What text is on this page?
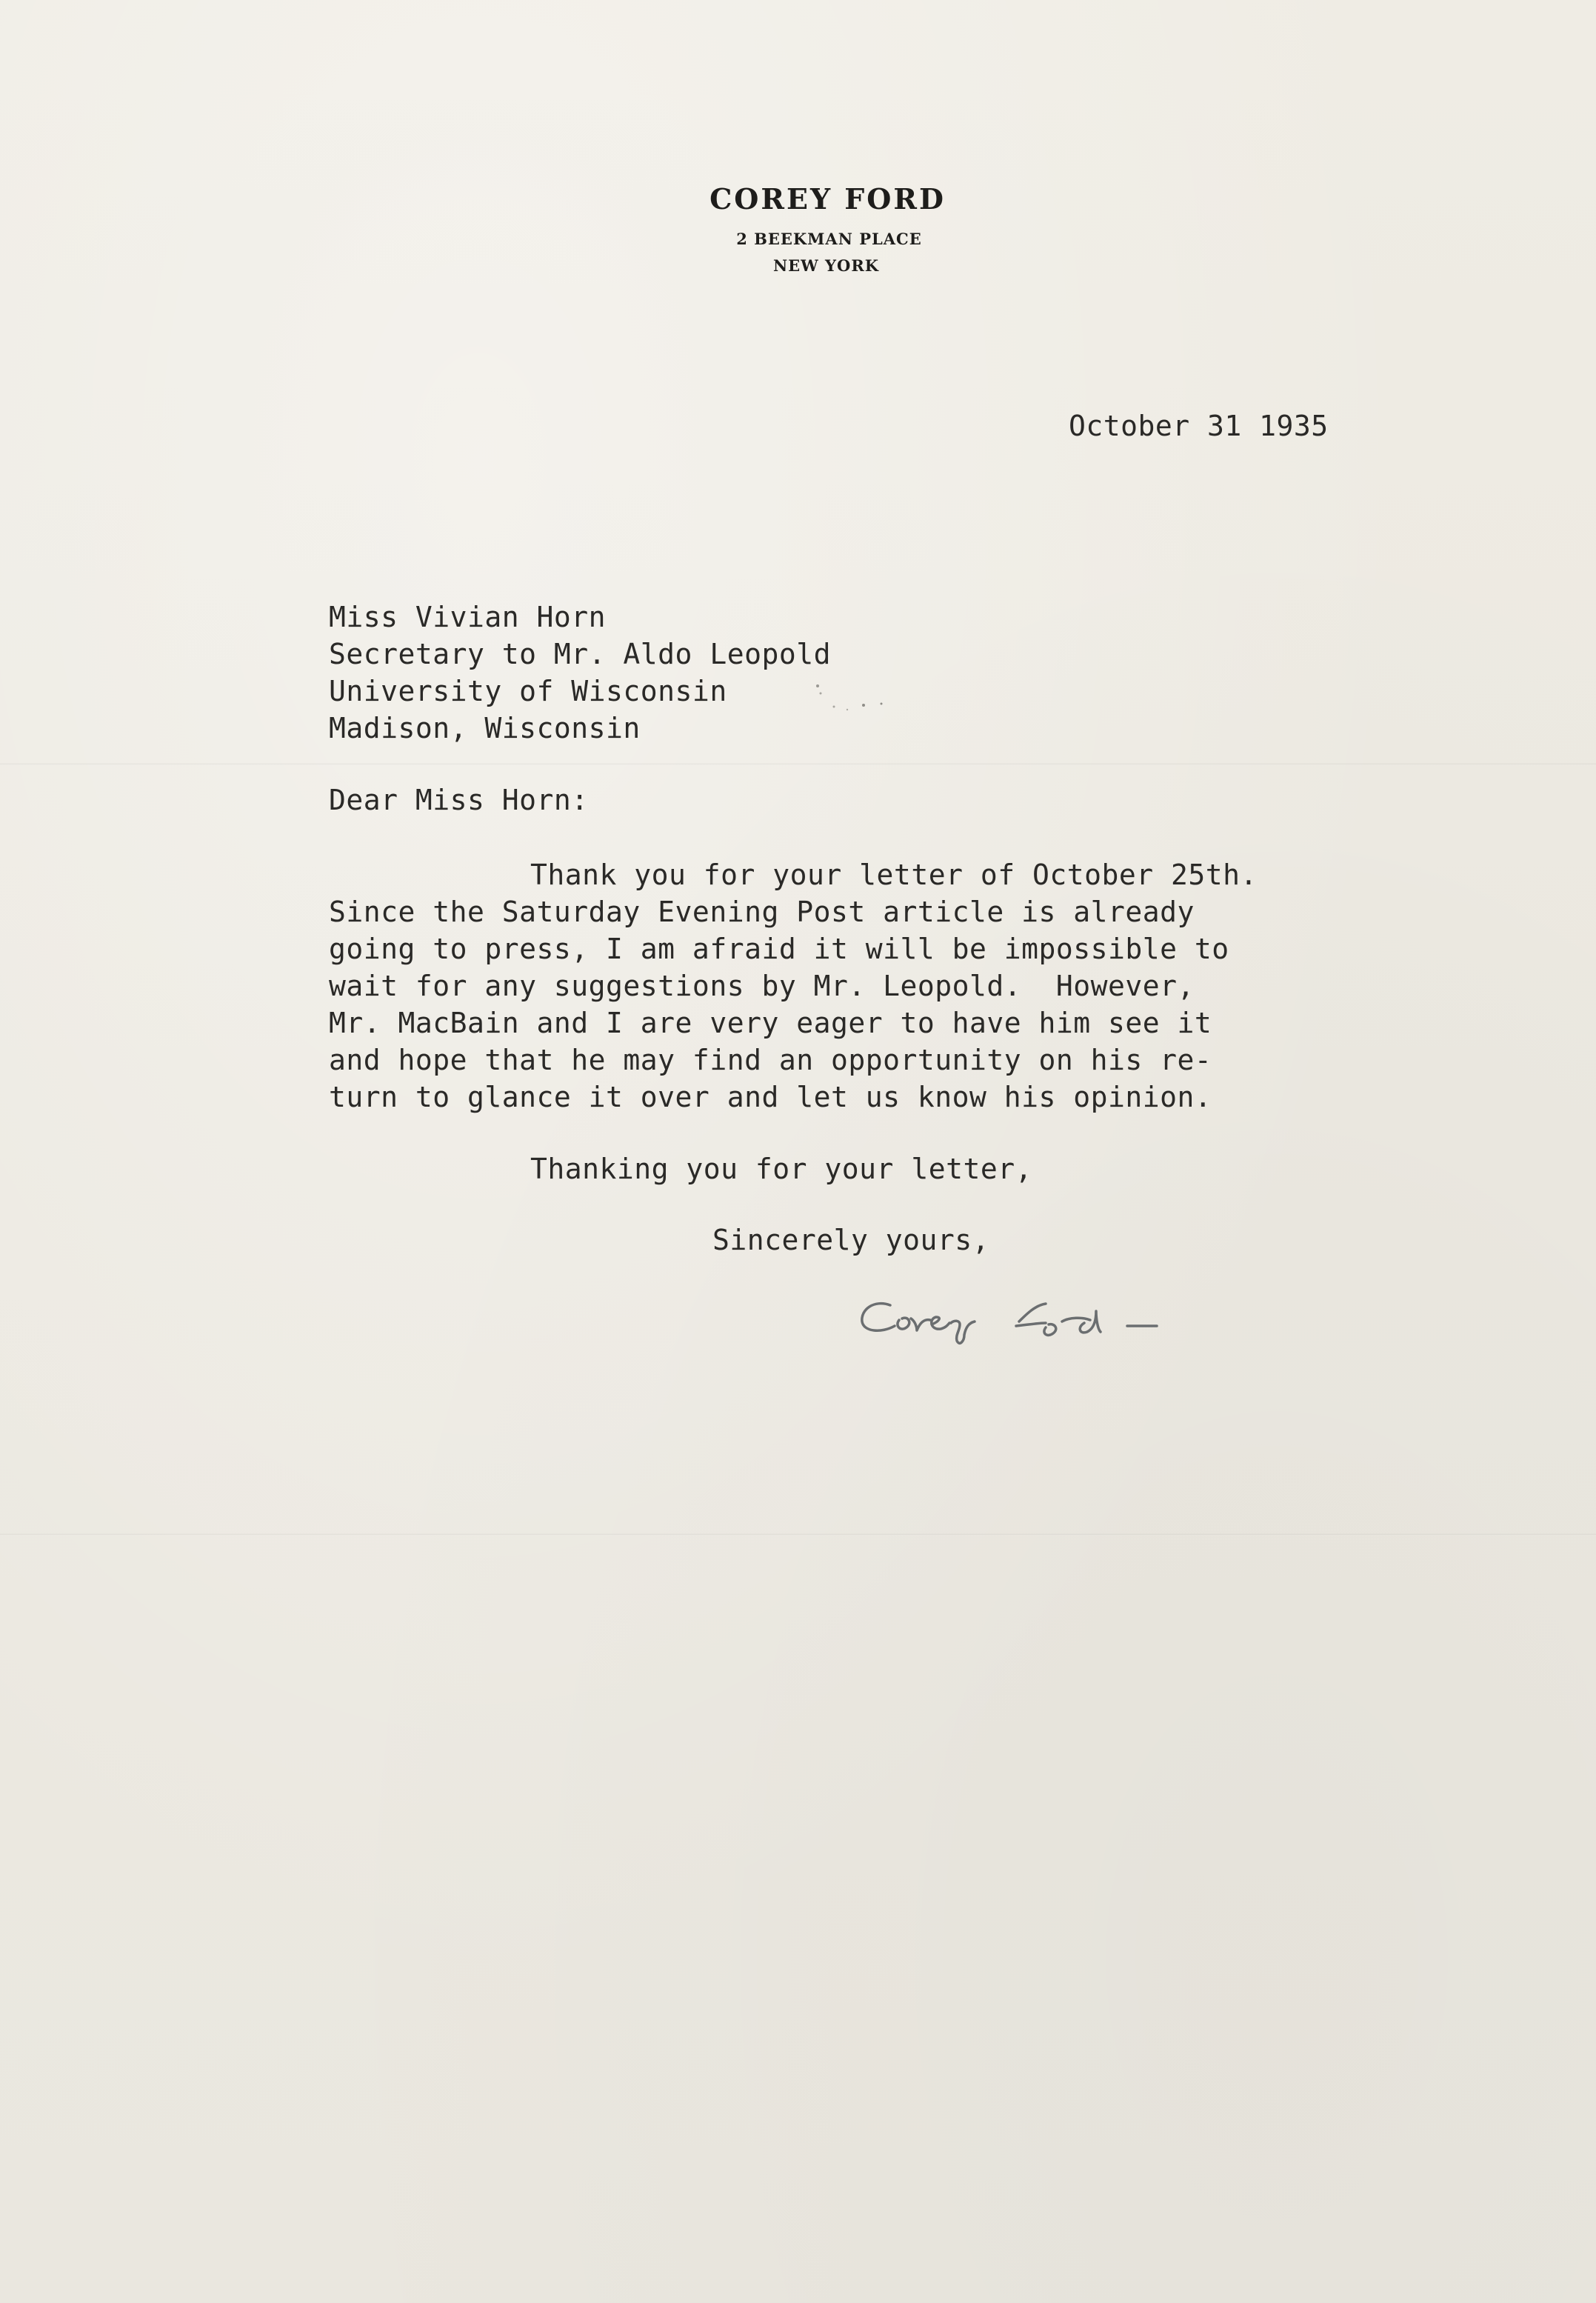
COREY FORD
2 BEEKMAN PLACE
NEW YORK
October 31 1935
Miss Vivian Horn
Secretary to Mr. Aldo Leopold
University of Wisconsin
Madison, Wisconsin
Dear Miss Horn:
Thank you for your letter of October 25th.
Since the Saturday Evening Post article is already
going to press, I am afraid it will be impossible to
wait for any suggestions by Mr. Leopold.  However,
Mr. MacBain and I are very eager to have him see it
and hope that he may find an opportunity on his re-
turn to glance it over and let us know his opinion.
Thanking you for your letter,
Sincerely yours,
